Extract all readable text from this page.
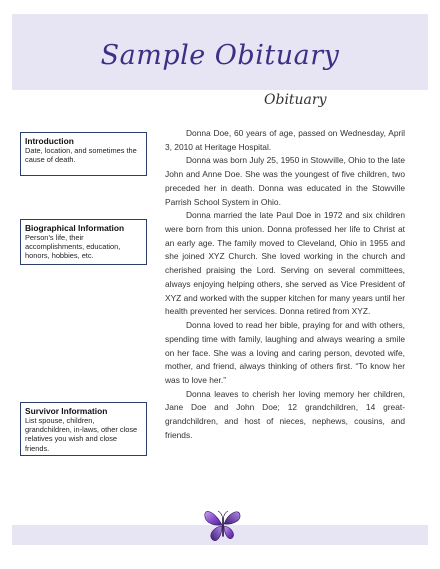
Sample Obituary
Obituary
Introduction
Date, location, and sometimes the cause of death.
Biographical Information
Person’s life, their accomplishments, education, honors, hobbies, etc.
Survivor Information
List spouse, children, grandchildren, in-laws, other close relatives you wish and close friends.

Donna Doe, 60 years of age, passed on Wednesday, April 3, 2010 at Heritage Hospital.

Donna was born July 25, 1950 in Stowville, Ohio to the late John and Anne Doe. She was the youngest of five children, two preceded her in death. Donna was educated in the Stowville Parrish School System in Ohio.

Donna married the late Paul Doe in 1972 and six children were born from this union. Donna professed her life to Christ at an early age. The family moved to Cleveland, Ohio in 1955 and she joined XYZ Church. She loved working in the church and cherished praising the Lord. Serving on several committees, always enjoying helping others, she served as Vice President of XYZ and worked with the supper kitchen for many years until her health prevented her services. Donna retired from XYZ.

Donna loved to read her bible, praying for and with others, spending time with family, laughing and always wearing a smile on her face. She was a loving and caring person, devoted wife, mother, and friend, always thinking of others first. “To know her was to love her.”

Donna leaves to cherish her loving memory her children, Jane Doe and John Doe; 12 grandchildren, 14 great-grandchildren, and host of nieces, nephews, cousins, and friends.
